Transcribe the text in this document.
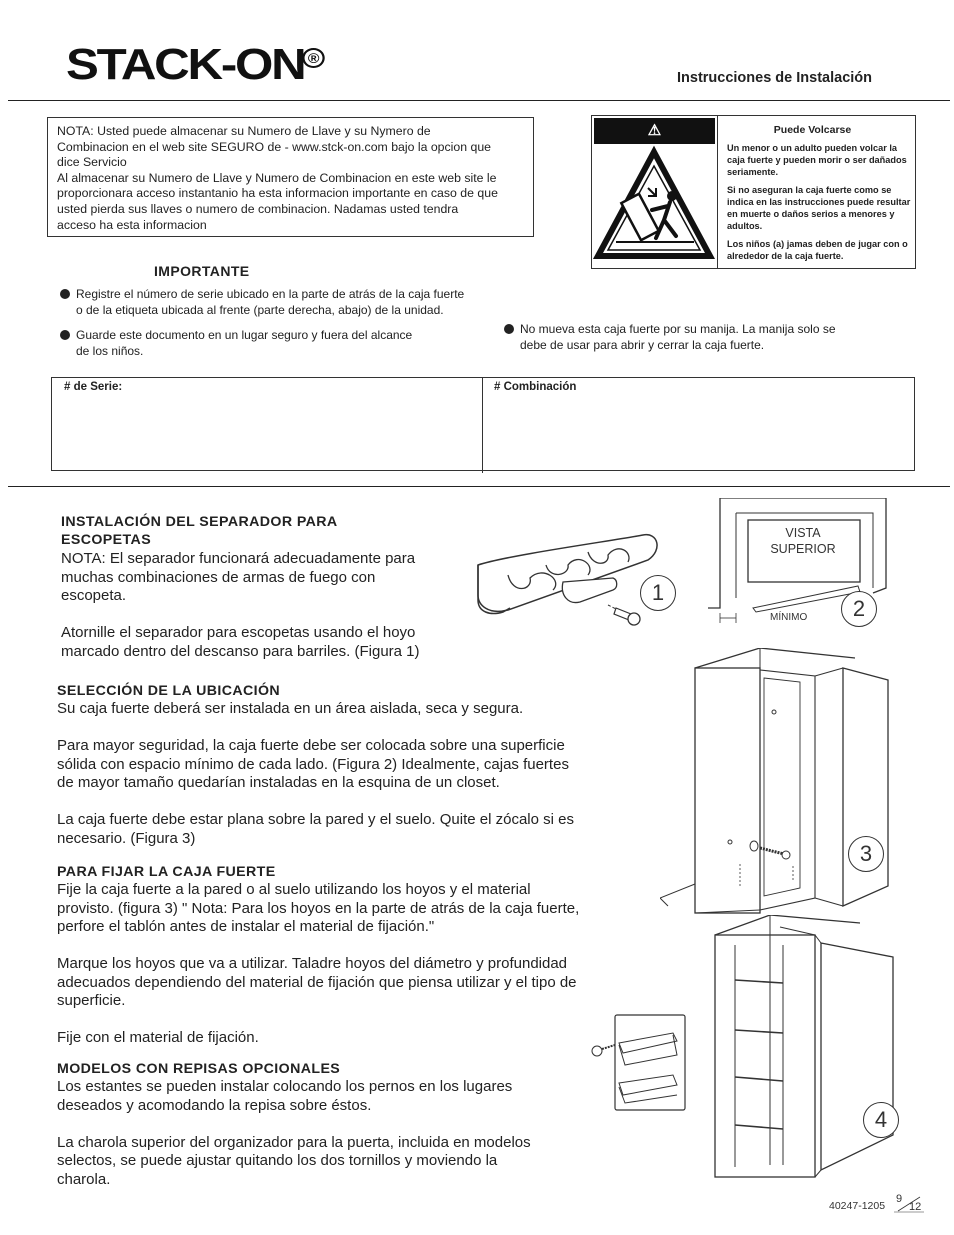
STACK-ON ®
Instrucciones de Instalación

NOTA: Usted puede almacenar su Numero de Llave y su Nymero de

Combinacion en el web site SEGURO de - www.stck-on.com bajo la opcion que

dice Servicio

Al almacenar su Numero de Llave y Numero de Combinacion en este web site le

proporcionara acceso instantanio ha esta informacion importante en caso de que

usted pierda sus llaves o numero de combinacion. Nadamas usted tendra

acceso ha esta informacion

⚠ PRECAUCIÓN!
Puede Volcarse

Un menor o un adulto pueden volcar la caja fuerte y pueden morir o ser dañados seriamente.

Si no aseguran la caja fuerte como se indica en las instrucciones puede resultar en muerte o daños serios a menores y adultos.

Los niños (a) jamas deben de jugar con o alrededor de la caja fuerte.

IMPORTANTE
Registre el número de serie ubicado en la parte de atrás de la caja fuerte
o de la etiqueta ubicada al frente (parte derecha, abajo) de la unidad.
Guarde este documento en un lugar seguro y fuera del alcance
de los niños.
No mueva esta caja fuerte por su manija. La manija solo se
debe de usar para abrir y cerrar la caja fuerte.
# de Serie:	# Combinación
INSTALACIÓN DEL SEPARADOR PARA
ESCOPETAS

NOTA: El separador funcionará adecuadamente para

muchas combinaciones de armas de fuego con

escopeta.

Atornille el separador para escopetas usando el hoyo

marcado dentro del descanso para barriles. (Figura 1)

SELECCIÓN DE LA UBICACIÓN

Su caja fuerte deberá ser instalada en un área aislada, seca y segura.

Para mayor seguridad, la caja fuerte debe ser colocada sobre una superficie

sólida con espacio mínimo de cada lado. (Figura 2) Idealmente, cajas fuertes

de mayor tamaño quedarían instaladas en la esquina de un closet.

La caja fuerte debe estar plana sobre la pared y el suelo. Quite el zócalo si es

necesario. (Figura 3)

PARA FIJAR LA CAJA FUERTE

Fije la caja fuerte a la pared o al suelo utilizando los hoyos y el material

provisto. (figura 3) " Nota: Para los hoyos en la parte de atrás de la caja fuerte,

perfore el tablón antes de instalar el material de fijación."

Marque los hoyos que va a utilizar. Taladre hoyos del diámetro y profundidad

adecuados dependiendo del material de fijación que piensa utilizar y el tipo de

superficie.

Fije con el material de fijación.

MODELOS CON REPISAS OPCIONALES

Los estantes se pueden instalar colocando los pernos en los lugares

deseados y acomodando la repisa sobre éstos.

La charola superior del organizador para la puerta, incluida en modelos

selectos, se puede ajustar quitando los dos tornillos y moviendo la

charola.

1
VISTA
SUPERIOR
MÍNIMO	2
3
4
40247-1205
9
12
